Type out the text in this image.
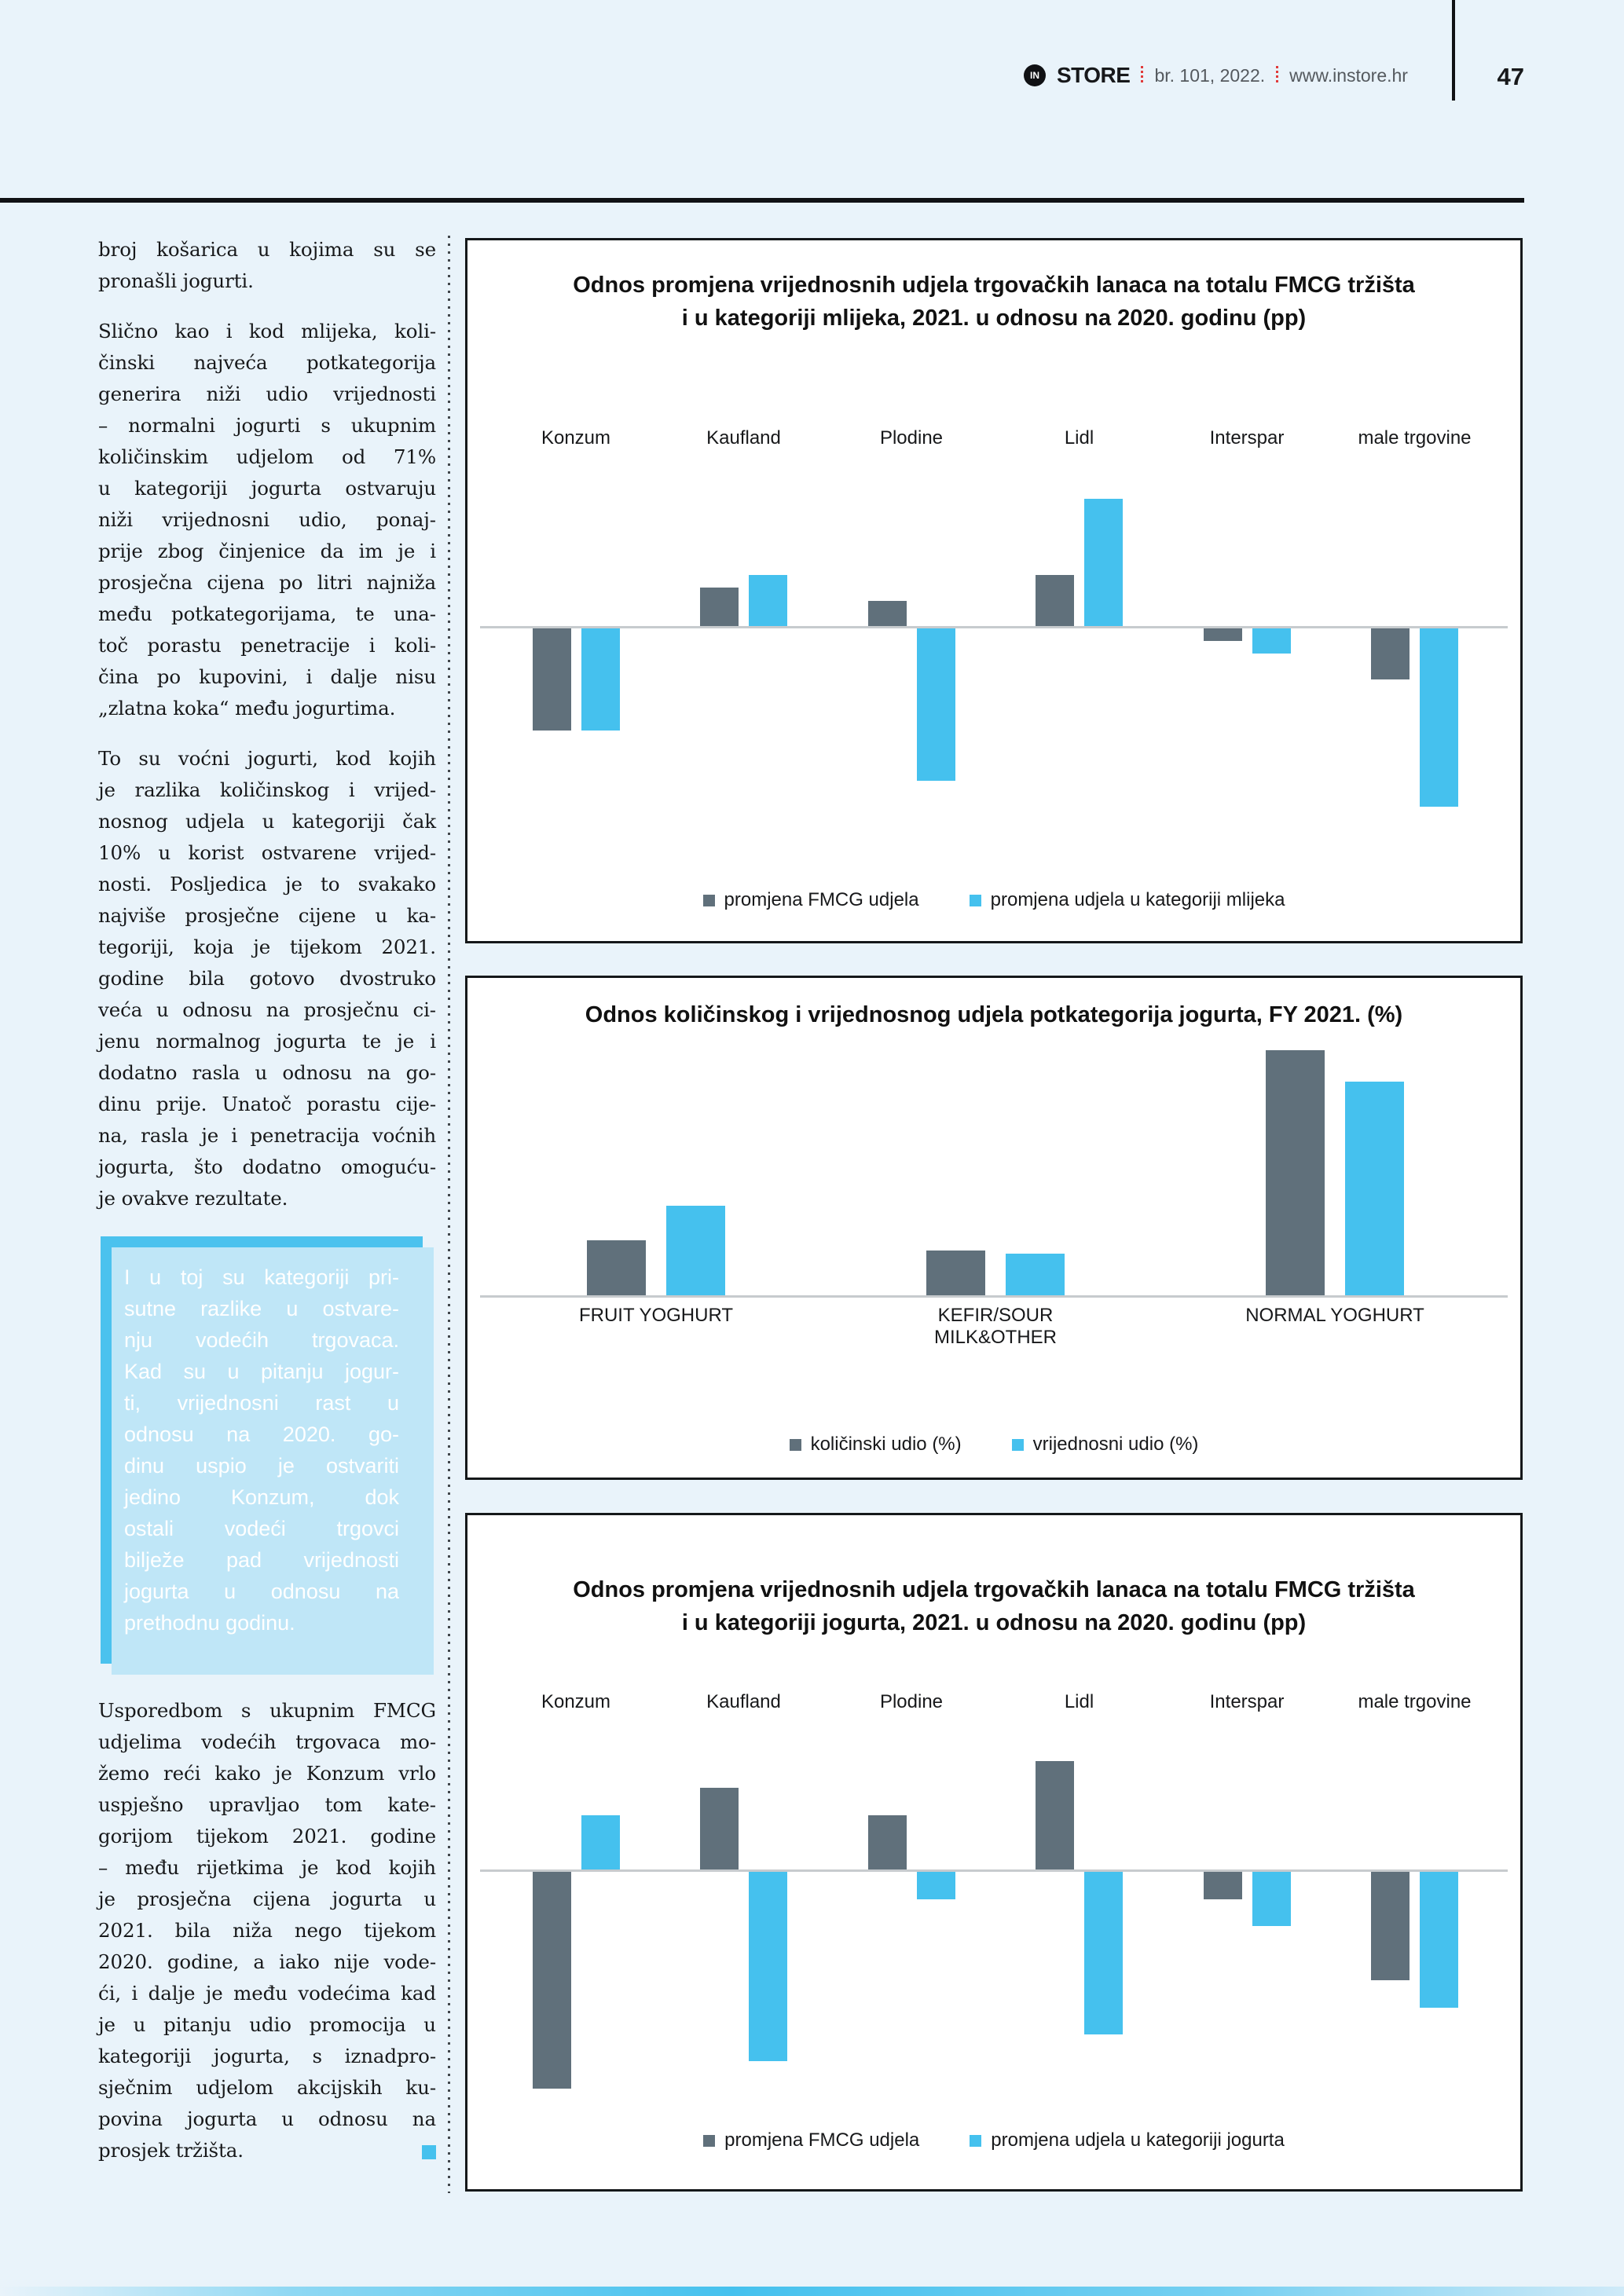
IN STORE br. 101, 2022. www.instore.hr	47
broj košarica u kojima su se
pronašli jogurti.
Slično kao i kod mlijeka, koli-
činski najveća potkategorija
generira niži udio vrijednosti
– normalni jogurti s ukupnim
količinskim udjelom od 71%
u kategoriji jogurta ostvaruju
niži vrijednosni udio, ponaj-
prije zbog činjenice da im je i
prosječna cijena po litri najniža
među potkategorijama, te una-
toč porastu penetracije i koli-
čina po kupovini, i dalje nisu
„zlatna koka“ među jogurtima.
To su voćni jogurti, kod kojih
je razlika količinskog i vrijed-
nosnog udjela u kategoriji čak
10% u korist ostvarene vrijed-
nosti. Posljedica je to svakako
najviše prosječne cijene u ka-
tegoriji, koja je tijekom 2021.
godine bila gotovo dvostruko
veća u odnosu na prosječnu ci-
jenu normalnog jogurta te je i
dodatno rasla u odnosu na go-
dinu prije. Unatoč porastu cije-
na, rasla je i penetracija voćnih
jogurta, što dodatno omoguću-
je ovakve rezultate.
I u toj su kategoriji pri-
sutne razlike u ostvare-
nju vodećih trgovaca.
Kad su u pitanju jogur-
ti, vrijednosni rast u
odnosu na 2020. go-
dinu uspio je ostvariti
jedino Konzum, dok
ostali vodeći trgovci
bilježe pad vrijednosti
jogurta u odnosu na
prethodnu godinu.
Usporedbom s ukupnim FMCG
udjelima vodećih trgovaca mo-
žemo reći kako je Konzum vrlo
uspješno upravljao tom kate-
gorijom tijekom 2021. godine
– među rijetkima je kod kojih
je prosječna cijena jogurta u
2021. bila niža nego tijekom
2020. godine, a iako nije vode-
ći, i dalje je među vodećima kad
je u pitanju udio promocija u
kategoriji jogurta, s iznadpro-
sječnim udjelom akcijskih ku-
povina jogurta u odnosu na
prosjek tržišta.
Odnos promjena vrijednosnih udjela trgovačkih lanaca na totalu FMCG tržišta
i u kategoriji mlijeka, 2021. u odnosu na 2020. godinu (pp)
Konzum	Kaufland	Plodine	Lidl	Interspar	male trgovine
promjena FMCG udjela	promjena udjela u kategoriji mlijeka
Odnos količinskog i vrijednosnog udjela potkategorija jogurta, FY 2021. (%)
FRUIT YOGHURT	KEFIR/SOUR MILK&OTHER
NORMAL YOGHURT
količinski udio (%)	vrijednosni udio (%)
Odnos promjena vrijednosnih udjela trgovačkih lanaca na totalu FMCG tržišta
i u kategoriji jogurta, 2021. u odnosu na 2020. godinu (pp)
Konzum	Kaufland	Plodine	Lidl	Interspar	male trgovine
promjena FMCG udjela	promjena udjela u kategoriji jogurta
